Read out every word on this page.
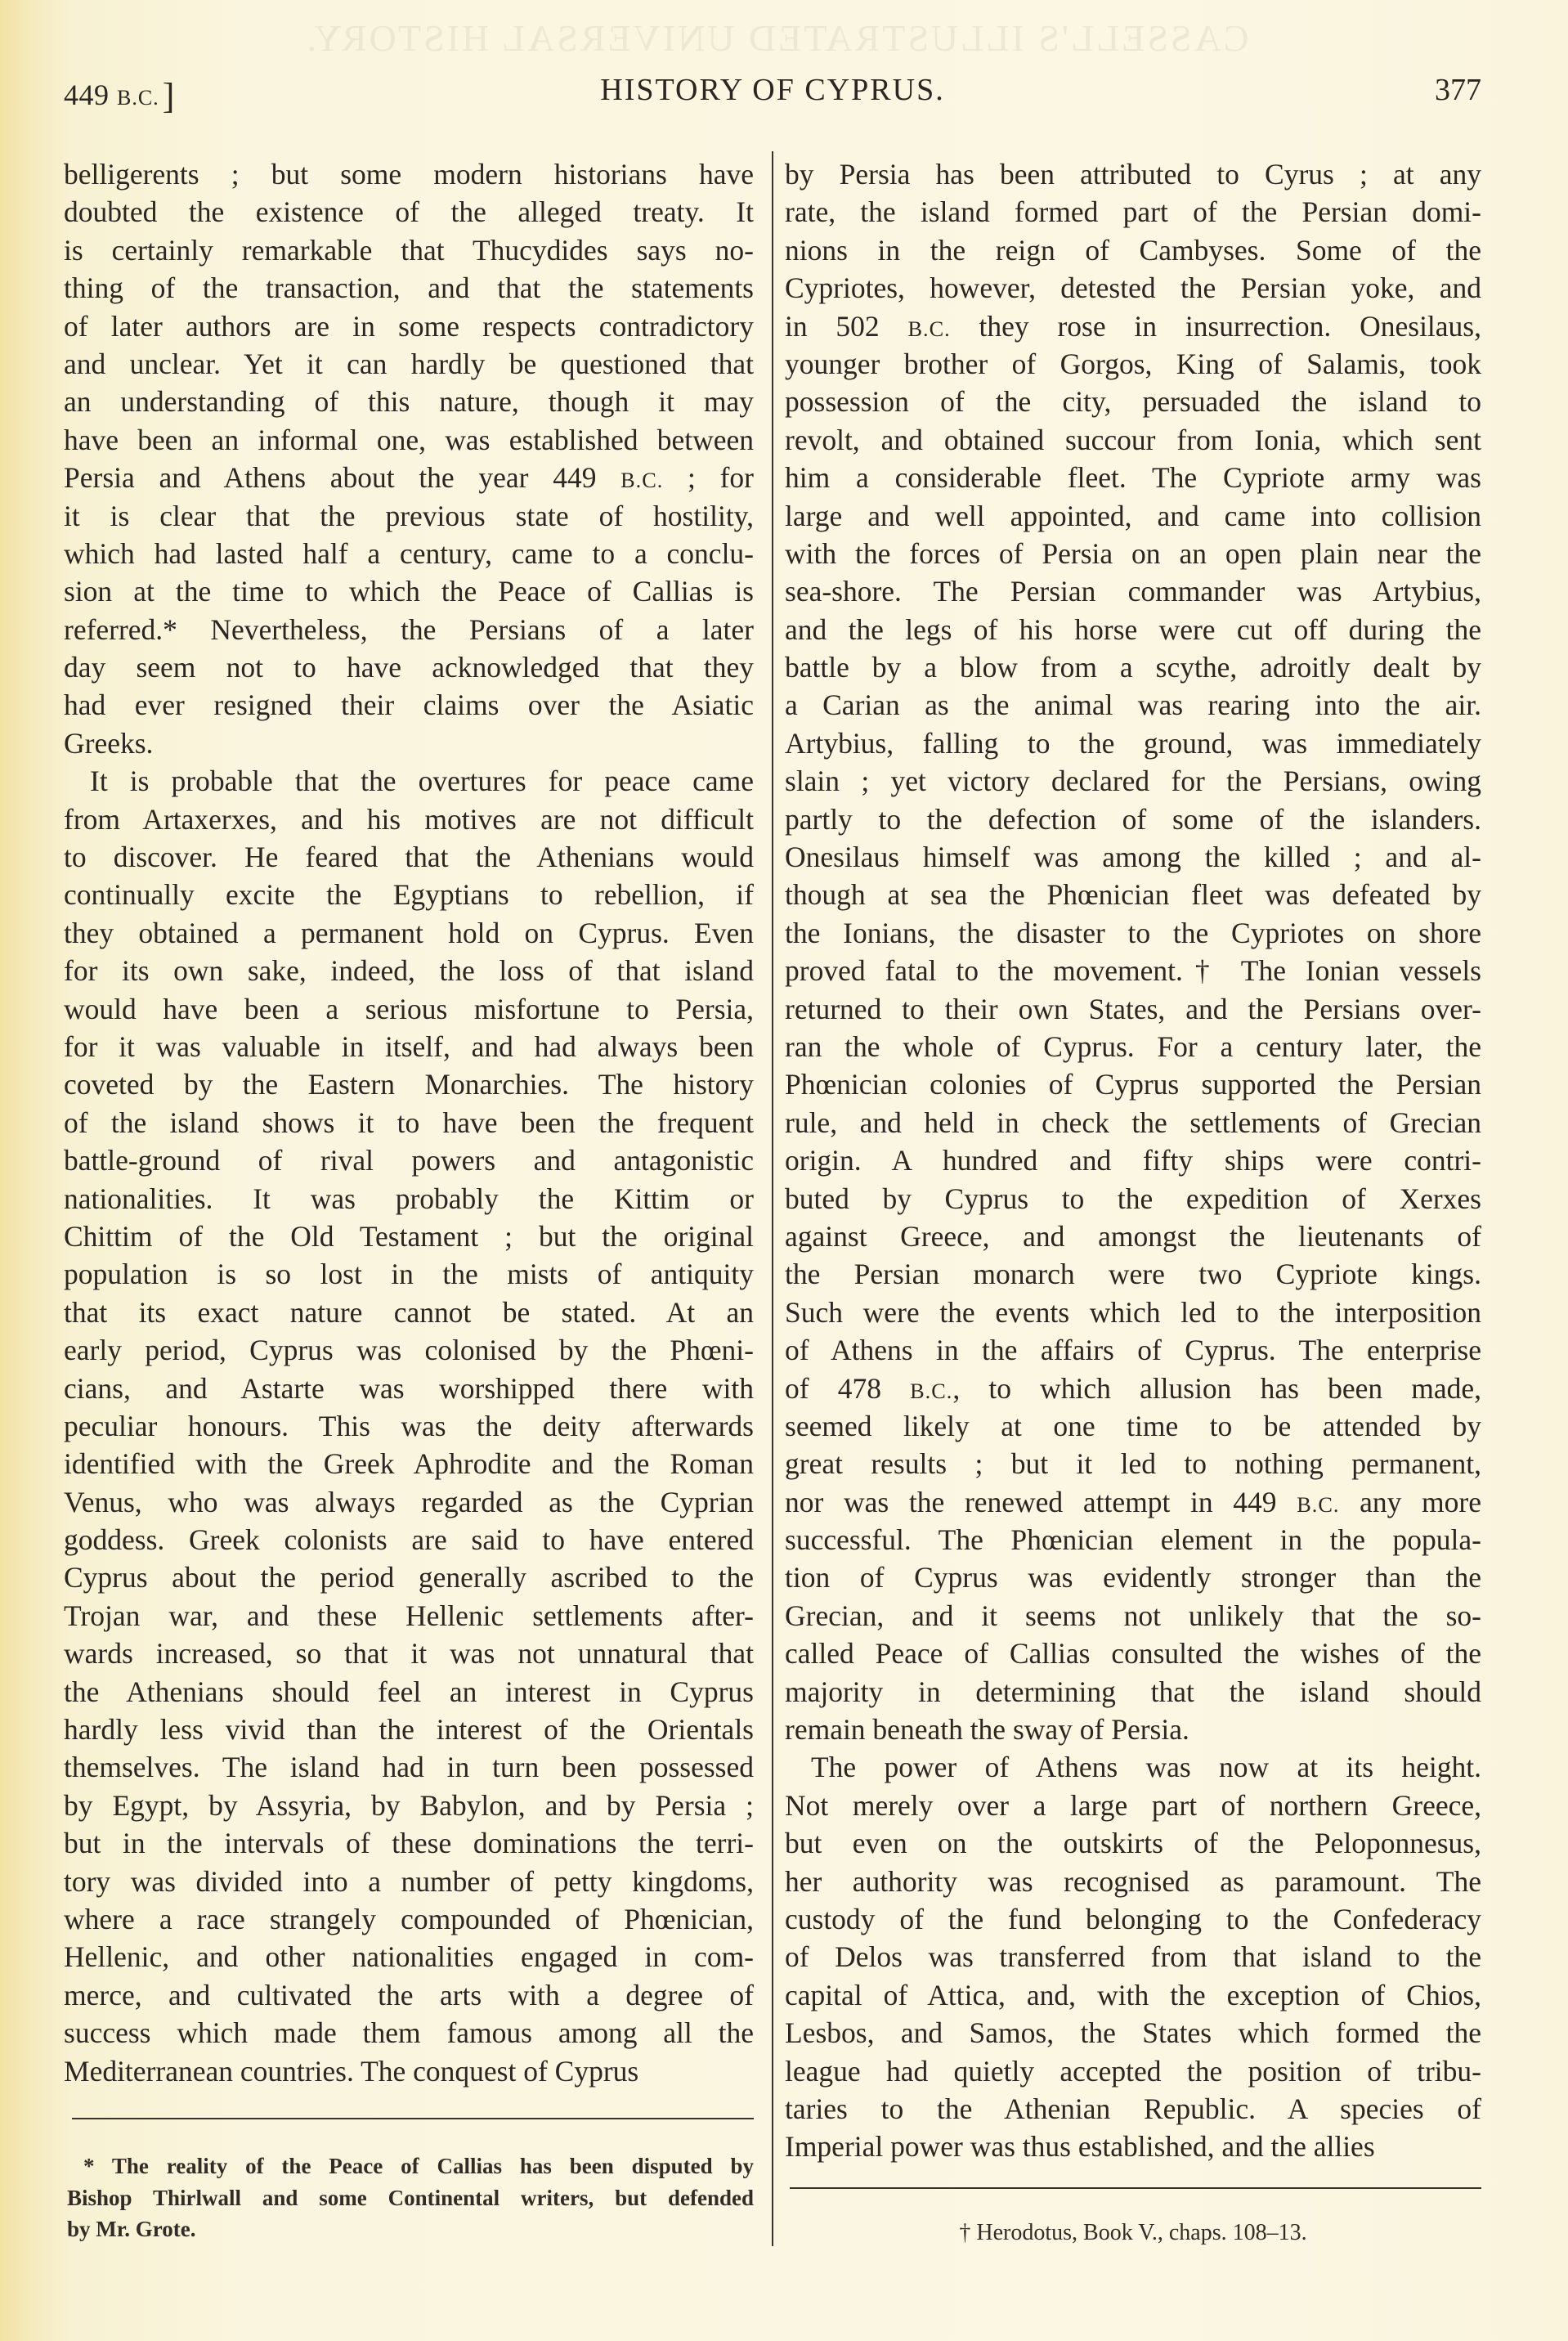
CASSELL'S ILLUSTRATED UNIVERSAL HISTORY.
449 B.C.]	HISTORY OF CYPRUS.	377
belligerents ; but some modern historians have
doubted the existence of the alleged treaty. It
is certainly remarkable that Thucydides says no-
thing of the transaction, and that the statements
of later authors are in some respects contradictory
and unclear. Yet it can hardly be questioned that
an understanding of this nature, though it may
have been an informal one, was established between
Persia and Athens about the year 449 B.C. ; for
it is clear that the previous state of hostility,
which had lasted half a century, came to a conclu-
sion at the time to which the Peace of Callias is
referred.* Nevertheless, the Persians of a later
day seem not to have acknowledged that they
had ever resigned their claims over the Asiatic
Greeks.
It is probable that the overtures for peace came
from Artaxerxes, and his motives are not difficult
to discover. He feared that the Athenians would
continually excite the Egyptians to rebellion, if
they obtained a permanent hold on Cyprus. Even
for its own sake, indeed, the loss of that island
would have been a serious misfortune to Persia,
for it was valuable in itself, and had always been
coveted by the Eastern Monarchies. The history
of the island shows it to have been the frequent
battle-ground of rival powers and antagonistic
nationalities. It was probably the Kittim or
Chittim of the Old Testament ; but the original
population is so lost in the mists of antiquity
that its exact nature cannot be stated. At an
early period, Cyprus was colonised by the Phœni-
cians, and Astarte was worshipped there with
peculiar honours. This was the deity afterwards
identified with the Greek Aphrodite and the Roman
Venus, who was always regarded as the Cyprian
goddess. Greek colonists are said to have entered
Cyprus about the period generally ascribed to the
Trojan war, and these Hellenic settlements after-
wards increased, so that it was not unnatural that
the Athenians should feel an interest in Cyprus
hardly less vivid than the interest of the Orientals
themselves. The island had in turn been possessed
by Egypt, by Assyria, by Babylon, and by Persia ;
but in the intervals of these dominations the terri-
tory was divided into a number of petty kingdoms,
where a race strangely compounded of Phœnician,
Hellenic, and other nationalities engaged in com-
merce, and cultivated the arts with a degree of
success which made them famous among all the
Mediterranean countries. The conquest of Cyprus
by Persia has been attributed to Cyrus ; at any
rate, the island formed part of the Persian domi-
nions in the reign of Cambyses. Some of the
Cypriotes, however, detested the Persian yoke, and
in 502 B.C. they rose in insurrection. Onesilaus,
younger brother of Gorgos, King of Salamis, took
possession of the city, persuaded the island to
revolt, and obtained succour from Ionia, which sent
him a considerable fleet. The Cypriote army was
large and well appointed, and came into collision
with the forces of Persia on an open plain near the
sea-shore. The Persian commander was Artybius,
and the legs of his horse were cut off during the
battle by a blow from a scythe, adroitly dealt by
a Carian as the animal was rearing into the air.
Artybius, falling to the ground, was immediately
slain ; yet victory declared for the Persians, owing
partly to the defection of some of the islanders.
Onesilaus himself was among the killed ; and al-
though at sea the Phœnician fleet was defeated by
the Ionians, the disaster to the Cypriotes on shore
proved fatal to the movement.† The Ionian vessels
returned to their own States, and the Persians over-
ran the whole of Cyprus. For a century later, the
Phœnician colonies of Cyprus supported the Persian
rule, and held in check the settlements of Grecian
origin. A hundred and fifty ships were contri-
buted by Cyprus to the expedition of Xerxes
against Greece, and amongst the lieutenants of
the Persian monarch were two Cypriote kings.
Such were the events which led to the interposition
of Athens in the affairs of Cyprus. The enterprise
of 478 B.C., to which allusion has been made,
seemed likely at one time to be attended by
great results ; but it led to nothing permanent,
nor was the renewed attempt in 449 B.C. any more
successful. The Phœnician element in the popula-
tion of Cyprus was evidently stronger than the
Grecian, and it seems not unlikely that the so-
called Peace of Callias consulted the wishes of the
majority in determining that the island should
remain beneath the sway of Persia.
The power of Athens was now at its height.
Not merely over a large part of northern Greece,
but even on the outskirts of the Peloponnesus,
her authority was recognised as paramount. The
custody of the fund belonging to the Confederacy
of Delos was transferred from that island to the
capital of Attica, and, with the exception of Chios,
Lesbos, and Samos, the States which formed the
league had quietly accepted the position of tribu-
taries to the Athenian Republic. A species of
Imperial power was thus established, and the allies
* The reality of the Peace of Callias has been disputed by
Bishop Thirlwall and some Continental writers, but defended
by Mr. Grote.	† Herodotus, Book V., chaps. 108–13.
